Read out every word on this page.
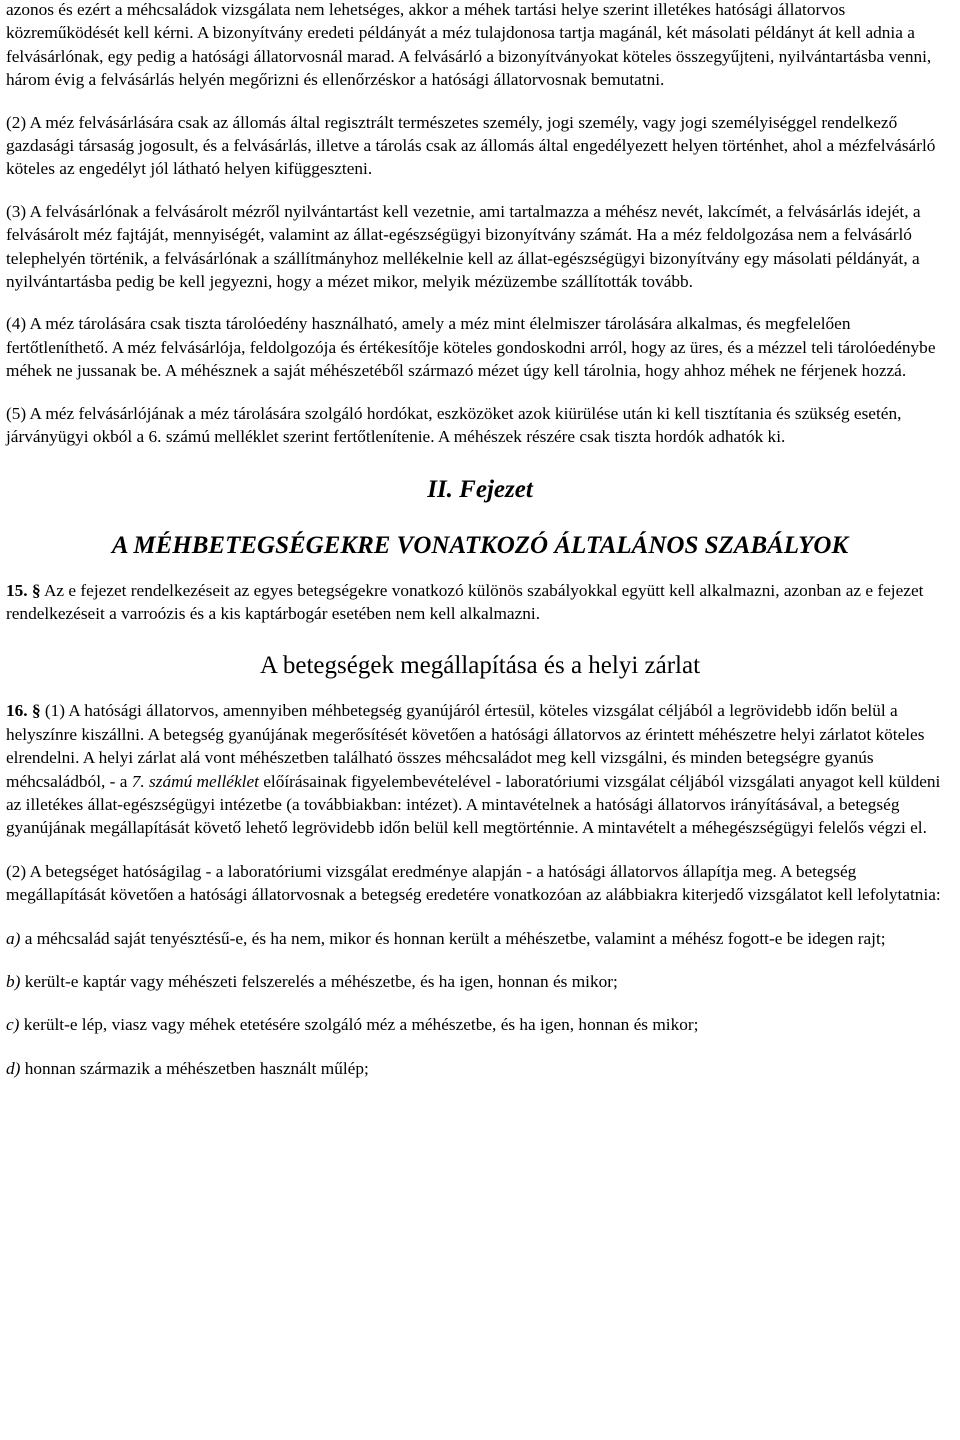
azonos és ezért a méhcsaládok vizsgálata nem lehetséges, akkor a méhek tartási helye szerint illetékes hatósági állatorvos közreműködését kell kérni. A bizonyítvány eredeti példányát a méz tulajdonosa tartja magánál, két másolati példányt át kell adnia a felvásárlónak, egy pedig a hatósági állatorvosnál marad. A felvásárló a bizonyítványokat köteles összegyűjteni, nyilvántartásba venni, három évig a felvásárlás helyén megőrizni és ellenőrzéskor a hatósági állatorvosnak bemutatni.

(2) A méz felvásárlására csak az állomás által regisztrált természetes személy, jogi személy, vagy jogi személyiséggel rendelkező gazdasági társaság jogosult, és a felvásárlás, illetve a tárolás csak az állomás által engedélyezett helyen történhet, ahol a mézfelvásárló köteles az engedélyt jól látható helyen kifüggeszteni.

(3) A felvásárlónak a felvásárolt mézről nyilvántartást kell vezetnie, ami tartalmazza a méhész nevét, lakcímét, a felvásárlás idejét, a felvásárolt méz fajtáját, mennyiségét, valamint az állat-egészségügyi bizonyítvány számát. Ha a méz feldolgozása nem a felvásárló telephelyén történik, a felvásárlónak a szállítmányhoz mellékelnie kell az állat-egészségügyi bizonyítvány egy másolati példányát, a nyilvántartásba pedig be kell jegyezni, hogy a mézet mikor, melyik mézüzembe szállították tovább.

(4) A méz tárolására csak tiszta tárolóedény használható, amely a méz mint élelmiszer tárolására alkalmas, és megfelelően fertőtleníthető. A méz felvásárlója, feldolgozója és értékesítője köteles gondoskodni arról, hogy az üres, és a mézzel teli tárolóedénybe méhek ne jussanak be. A méhésznek a saját méhészetéből származó mézet úgy kell tárolnia, hogy ahhoz méhek ne férjenek hozzá.

(5) A méz felvásárlójának a méz tárolására szolgáló hordókat, eszközöket azok kiürülése után ki kell tisztítania és szükség esetén, járványügyi okból a 6. számú melléklet szerint fertőtlenítenie. A méhészek részére csak tiszta hordók adhatók ki.

II. Fejezet
A MÉHBETEGSÉGEKRE VONATKOZÓ ÁLTALÁNOS SZABÁLYOK

15. § Az e fejezet rendelkezéseit az egyes betegségekre vonatkozó különös szabályokkal együtt kell alkalmazni, azonban az e fejezet rendelkezéseit a varroózis és a kis kaptárbogár esetében nem kell alkalmazni.

A betegségek megállapítása és a helyi zárlat

16. § (1) A hatósági állatorvos, amennyiben méhbetegség gyanújáról értesül, köteles vizsgálat céljából a legrövidebb időn belül a helyszínre kiszállni. A betegség gyanújának megerősítését követően a hatósági állatorvos az érintett méhészetre helyi zárlatot köteles elrendelni. A helyi zárlat alá vont méhészetben található összes méhcsaládot meg kell vizsgálni, és minden betegségre gyanús méhcsaládból, - a 7. számú melléklet előírásainak figyelembevételével - laboratóriumi vizsgálat céljából vizsgálati anyagot kell küldeni az illetékes állat-egészségügyi intézetbe (a továbbiakban: intézet). A mintavételnek a hatósági állatorvos irányításával, a betegség gyanújának megállapítását követő lehető legrövidebb időn belül kell megtörténnie. A mintavételt a méhegészségügyi felelős végzi el.

(2) A betegséget hatóságilag - a laboratóriumi vizsgálat eredménye alapján - a hatósági állatorvos állapítja meg. A betegség megállapítását követően a hatósági állatorvosnak a betegség eredetére vonatkozóan az alábbiakra kiterjedő vizsgálatot kell lefolytatnia:

a) a méhcsalád saját tenyésztésű-e, és ha nem, mikor és honnan került a méhészetbe, valamint a méhész fogott-e be idegen rajt;

b) került-e kaptár vagy méhészeti felszerelés a méhészetbe, és ha igen, honnan és mikor;

c) került-e lép, viasz vagy méhek etetésére szolgáló méz a méhészetbe, és ha igen, honnan és mikor;

d) honnan származik a méhészetben használt műlép;
